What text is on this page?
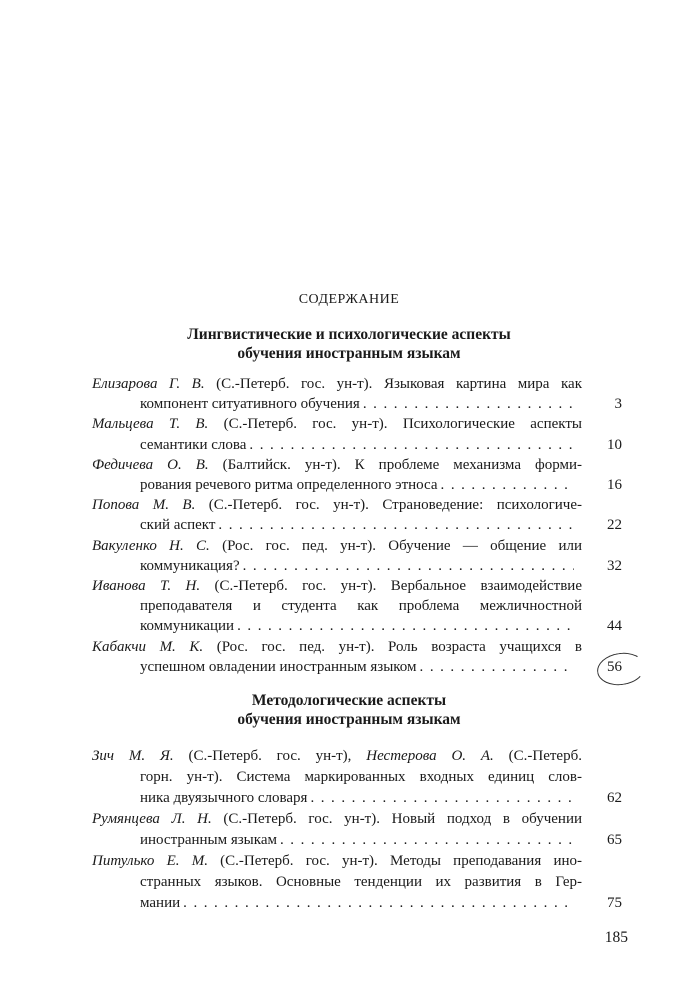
СОДЕРЖАНИЕ
Лингвистические и психологические аспекты
обучения иностранным языкам
Елизарова Г. В. (С.-Петерб. гос. ун-т). Языковая картина мира как
компонент ситуативного обучения . . .	3
Мальцева Т. В. (С.-Петерб. гос. ун-т). Психологические аспекты
семантики слова . . .	10
Федичева О. В. (Балтийск. ун-т). К проблеме механизма форми-
рования речевого ритма определенного этноса . . .	16
Попова М. В. (С.-Петерб. гос. ун-т). Страноведение: психологиче-
ский аспект . . .	22
Вакуленко Н. С. (Рос. гос. пед. ун-т). Обучение — общение или
коммуникация? . . .	32
Иванова Т. Н. (С.-Петерб. гос. ун-т). Вербальное взаимодействие
преподавателя и студента как проблема межличностной
коммуникации . . .	44
Кабакчи М. К. (Рос. гос. пед. ун-т). Роль возраста учащихся в
успешном овладении иностранным языком . . .	56
Методологические аспекты
обучения иностранным языкам
Зич М. Я. (С.-Петерб. гос. ун-т), Нестерова О. А. (С.-Петерб.
горн. ун-т). Система маркированных входных единиц слов-
ника двуязычного словаря . . .	62
Румянцева Л. Н. (С.-Петерб. гос. ун-т). Новый подход в обучении
иностранным языкам . . .	65
Питулько Е. М. (С.-Петерб. гос. ун-т). Методы преподавания ино-
странных языков. Основные тенденции их развития в Гер-
мании . . .	75
185
